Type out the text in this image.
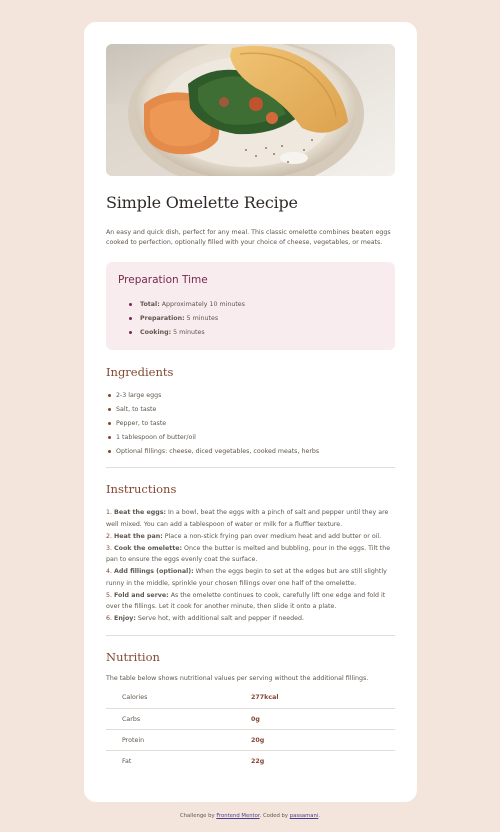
Simple Omelette Recipe

An easy and quick dish, perfect for any meal. This classic omelette combines beaten eggs cooked to perfection, optionally filled with your choice of cheese, vegetables, or meats.

Preparation Time
Total: Approximately 10 minutes
Preparation: 5 minutes
Cooking: 5 minutes
Ingredients
2-3 large eggs
Salt, to taste
Pepper, to taste
1 tablespoon of butter/oil
Optional fillings: cheese, diced vegetables, cooked meats, herbs
Instructions
1. Beat the eggs: In a bowl, beat the eggs with a pinch of salt and pepper until they are well mixed. You can add a tablespoon of water or milk for a fluffier texture.
2. Heat the pan: Place a non-stick frying pan over medium heat and add butter or oil.
3. Cook the omelette: Once the butter is melted and bubbling, pour in the eggs. Tilt the pan to ensure the eggs evenly coat the surface.
4. Add fillings (optional): When the eggs begin to set at the edges but are still slightly runny in the middle, sprinkle your chosen fillings over one half of the omelette.
5. Fold and serve: As the omelette continues to cook, carefully lift one edge and fold it over the fillings. Let it cook for another minute, then slide it onto a plate.
6. Enjoy: Serve hot, with additional salt and pepper if needed.
Nutrition

The table below shows nutritional values per serving without the additional fillings.

Calories	277kcal
Carbs	0g
Protein	20g
Fat	22g
Challenge by Frontend Mentor. Coded by passamani.
